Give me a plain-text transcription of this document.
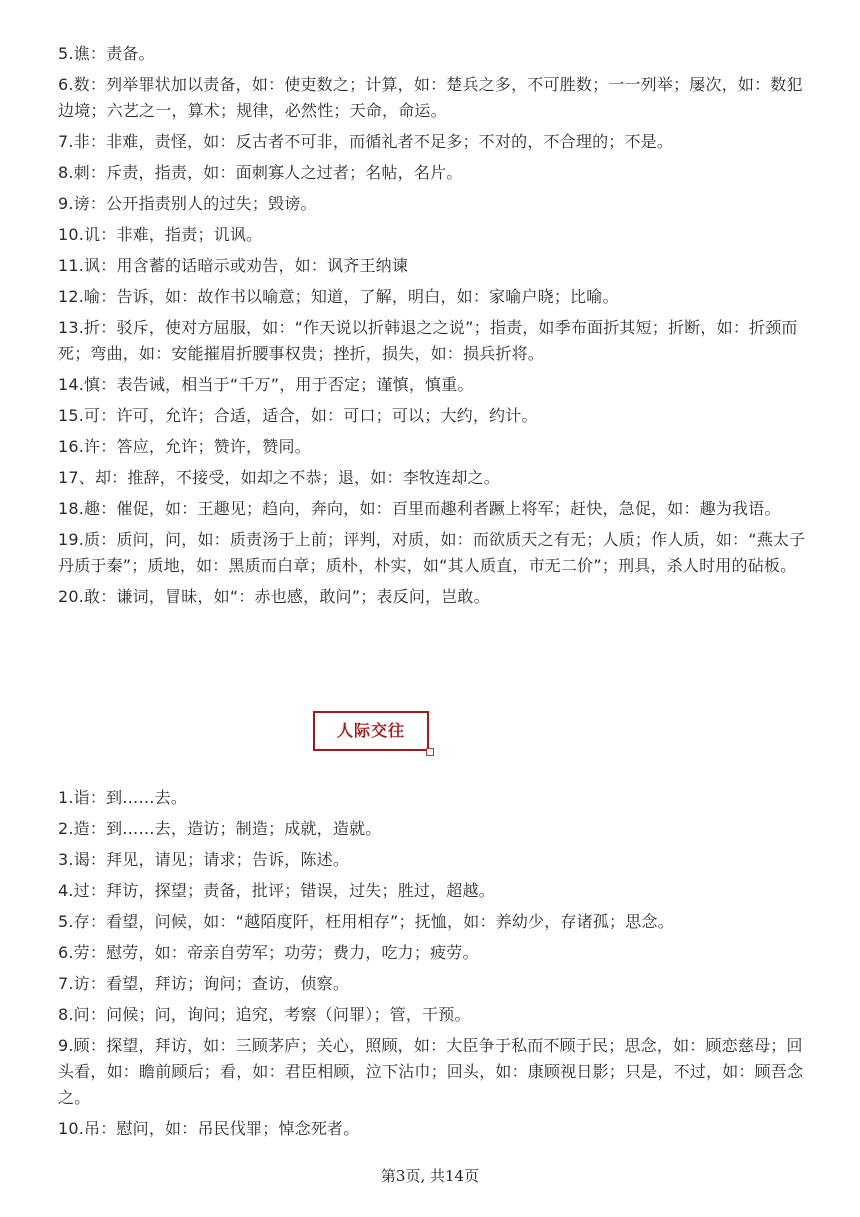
5.谯：责备。

6.数：列举罪状加以责备，如：使吏数之；计算，如：楚兵之多，不可胜数；一一列举；屡次，如：数犯边境；六艺之一，算术；规律，必然性；天命，命运。

7.非：非难，责怪，如：反古者不可非，而循礼者不足多；不对的，不合理的；不是。

8.刺：斥责，指责，如：面刺寡人之过者；名帖，名片。

9.谤：公开指责别人的过失；毁谤。

10.讥：非难，指责；讥讽。

11.讽：用含蓄的话暗示或劝告，如：讽齐王纳谏

12.喻：告诉，如：故作书以喻意；知道，了解，明白，如：家喻户晓；比喻。

13.折：驳斥，使对方屈服，如：“作天说以折韩退之之说”；指责，如季布面折其短；折断，如：折颈而死；弯曲，如：安能摧眉折腰事权贵；挫折，损失，如：损兵折将。

14.慎：表告诫，相当于“千万”，用于否定；谨慎，慎重。

15.可：许可，允许；合适，适合，如：可口；可以；大约，约计。

16.许：答应，允许；赞许，赞同。

17、却：推辞，不接受，如却之不恭；退，如：李牧连却之。

18.趣：催促，如：王趣见；趋向，奔向，如：百里而趣利者蹶上将军；赶快，急促，如：趣为我语。

19.质：质问，问，如：质责汤于上前；评判，对质，如：而欲质天之有无；人质；作人质，如：“燕太子丹质于秦”；质地，如：黑质而白章；质朴，朴实，如“其人质直，市无二价”；刑具，杀人时用的砧板。

20.敢：谦词，冒昧，如“：赤也感，敢问”；表反问，岂敢。

人际交往

1.诣：到……去。

2.造：到……去，造访；制造；成就，造就。

3.谒：拜见，请见；请求；告诉，陈述。

4.过：拜访，探望；责备，批评；错误，过失；胜过，超越。

5.存：看望，问候，如：“越陌度阡，枉用相存”；抚恤，如：养幼少，存诸孤；思念。

6.劳：慰劳，如：帝亲自劳军；功劳；费力，吃力；疲劳。

7.访：看望，拜访；询问；查访，侦察。

8.问：问候；问，询问；追究，考察（问罪）；管，干预。

9.顾：探望，拜访，如：三顾茅庐；关心，照顾，如：大臣争于私而不顾于民；思念，如：顾恋慈母；回头看，如：瞻前顾后；看，如：君臣相顾，泣下沾巾；回头，如：康顾视日影；只是，不过，如：顾吾念之。

10.吊：慰问，如：吊民伐罪；悼念死者。

第3页, 共14页
